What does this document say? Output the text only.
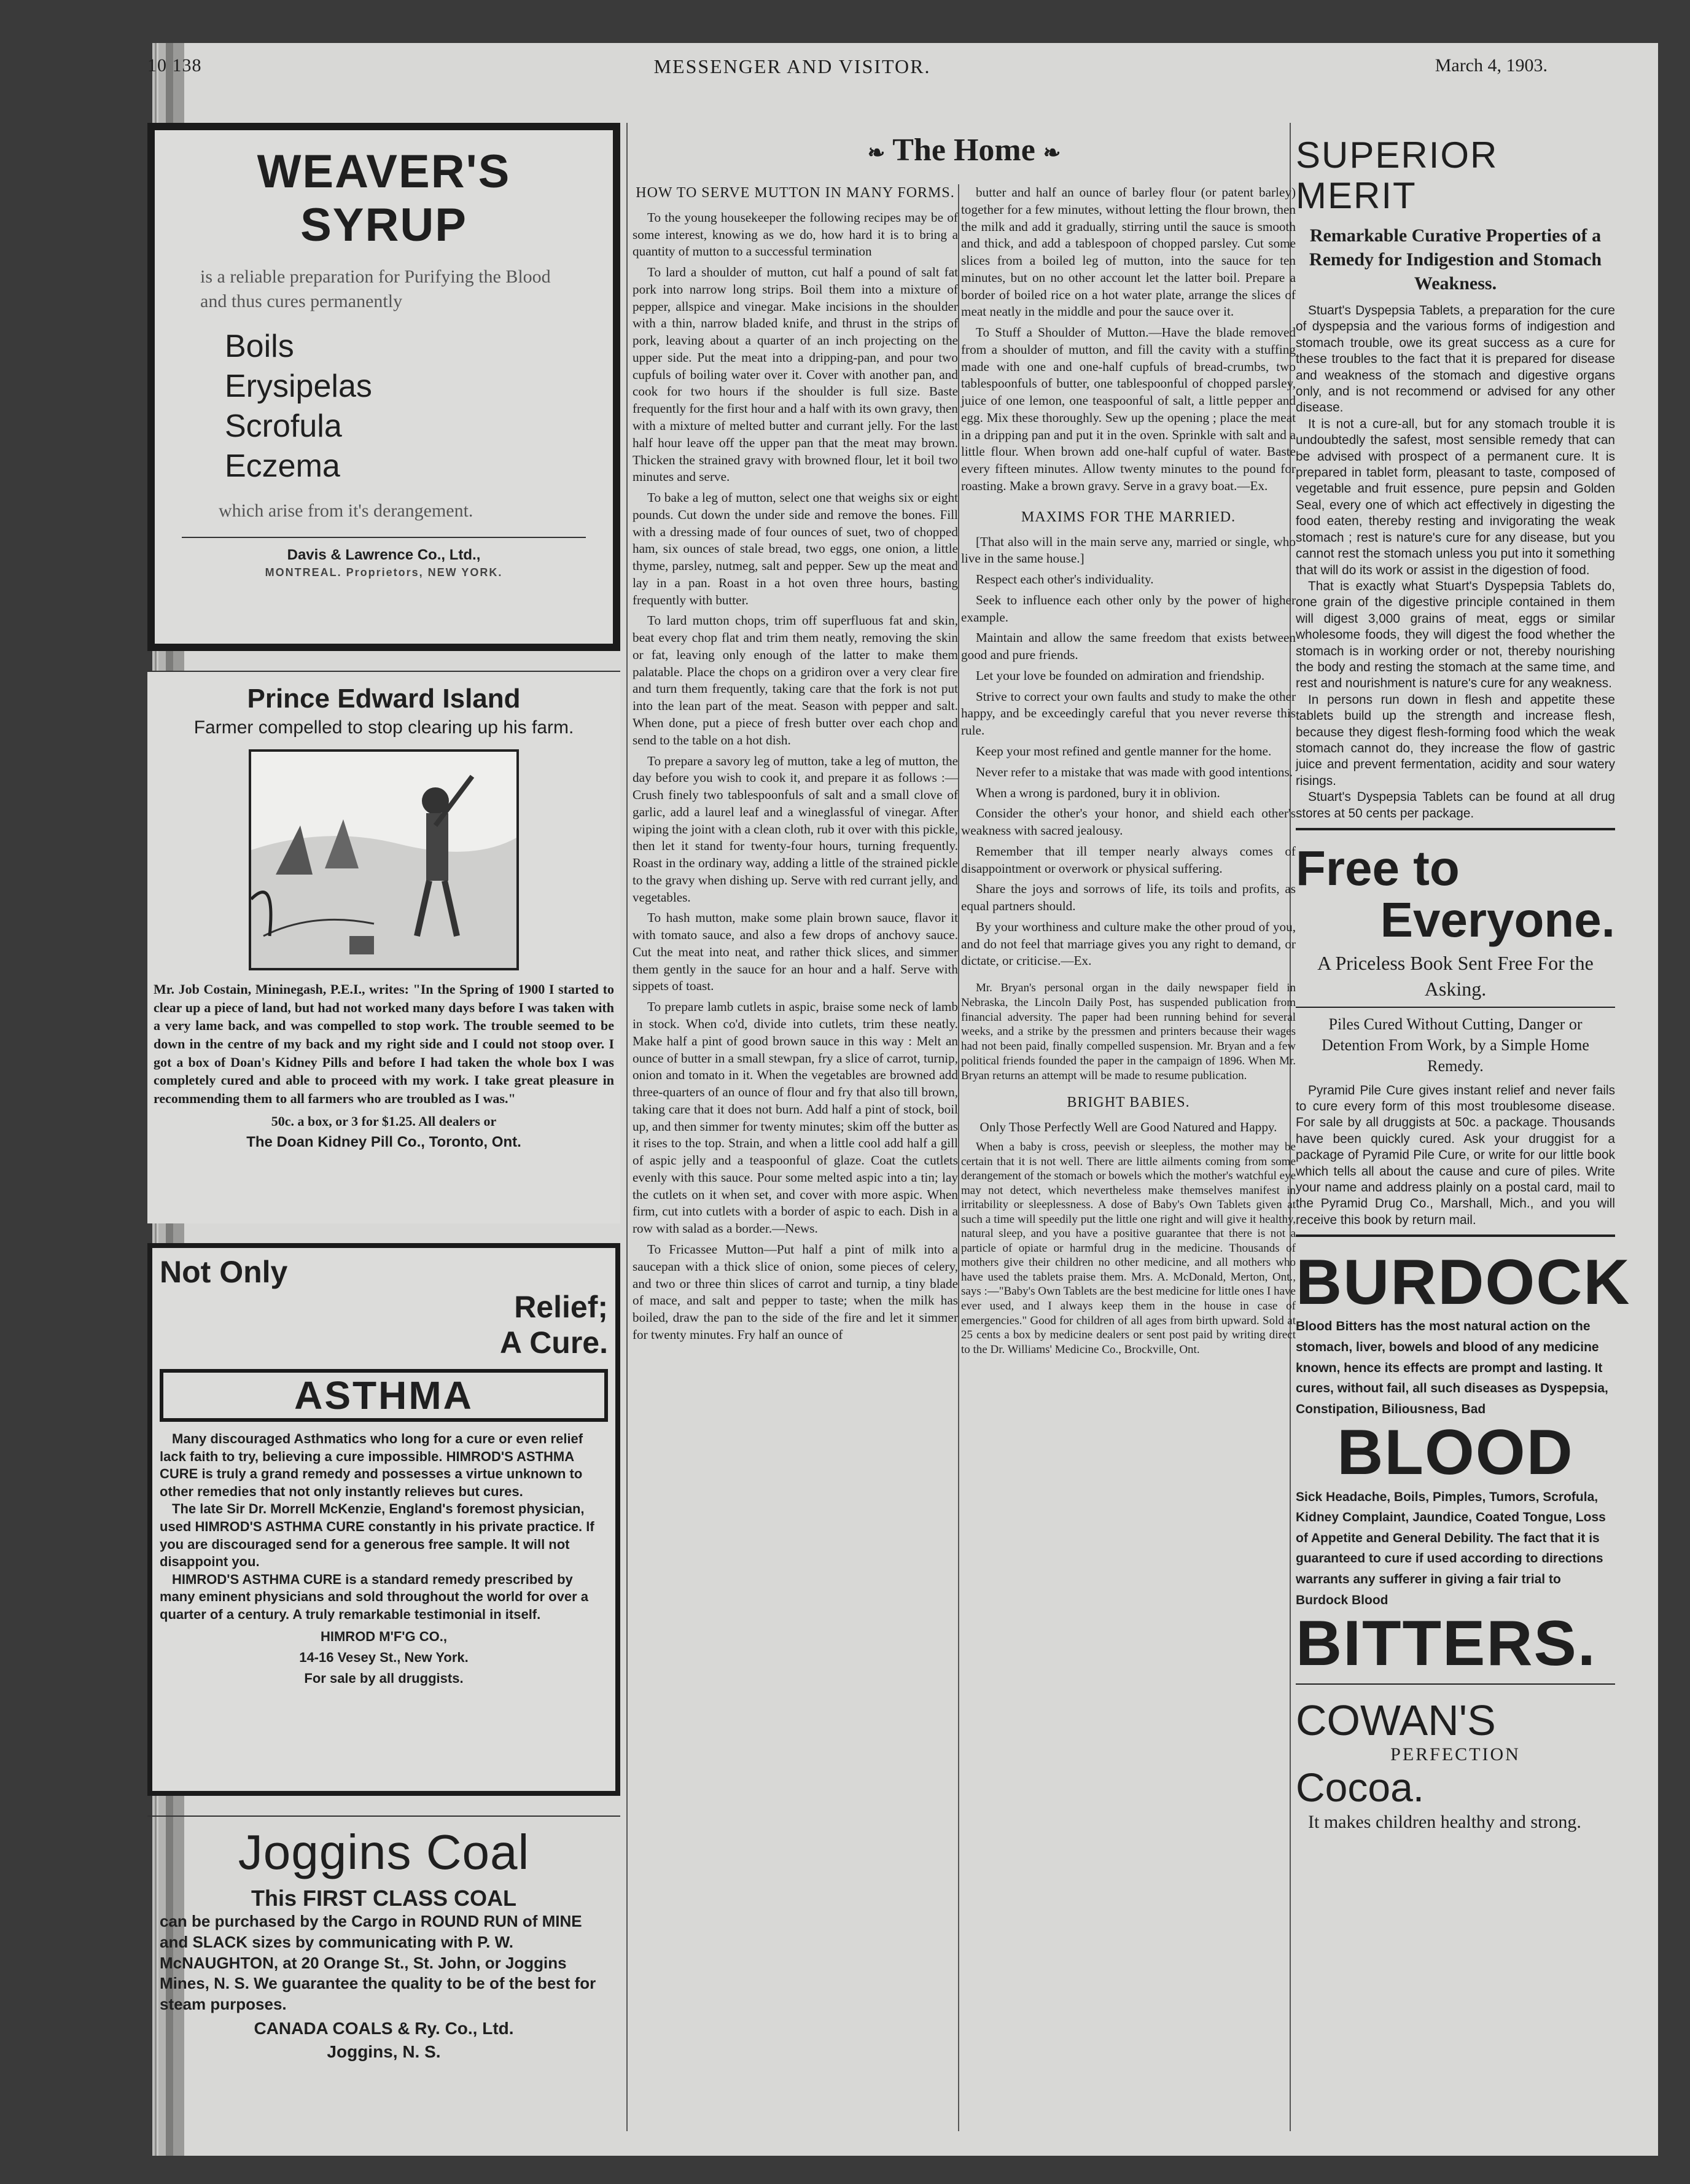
10 138	MESSENGER AND VISITOR.	March 4, 1903.
❧ The Home ❧
WEAVER'S
SYRUP
is a reliable preparation for Purifying the Blood and thus cures permanently
Boils
Erysipelas
Scrofula
Eczema
which arise from it's derangement.
Davis & Lawrence Co., Ltd.,
MONTREAL. Proprietors, NEW YORK.
Prince Edward Island
Farmer compelled to stop clearing up his farm.
Mr. Job Costain, Mininegash, P.E.I., writes: "In the Spring of 1900 I started to clear up a piece of land, but had not worked many days before I was taken with a very lame back, and was compelled to stop work. The trouble seemed to be down in the centre of my back and my right side and I could not stoop over. I got a box of Doan's Kidney Pills and before I had taken the whole box I was completely cured and able to proceed with my work. I take great pleasure in recommending them to all farmers who are troubled as I was."
50c. a box, or 3 for $1.25. All dealers or
The Doan Kidney Pill Co., Toronto, Ont.
Not Only
Relief;
A Cure.
ASTHMA

Many discouraged Asthmatics who long for a cure or even relief lack faith to try, believing a cure impossible. HIMROD'S ASTHMA CURE is truly a grand remedy and possesses a virtue unknown to other remedies that not only instantly relieves but cures.

The late Sir Dr. Morrell McKenzie, England's foremost physician, used HIMROD'S ASTHMA CURE constantly in his private practice. If you are discouraged send for a generous free sample. It will not disappoint you.

HIMROD'S ASTHMA CURE is a standard remedy prescribed by many eminent physicians and sold throughout the world for over a quarter of a century. A truly remarkable testimonial in itself.

HIMROD M'F'G CO.,
14-16 Vesey St., New York.
For sale by all druggists.
Joggins Coal
This FIRST CLASS COAL

can be purchased by the Cargo in ROUND RUN of MINE and SLACK sizes by communicating with P. W. McNAUGHTON, at 20 Orange St., St. John, or Joggins Mines, N. S. We guarantee the quality to be of the best for steam purposes.

CANADA COALS & Ry. Co., Ltd.
Joggins, N. S.
HOW TO SERVE MUTTON IN MANY FORMS.

To the young housekeeper the following recipes may be of some interest, knowing as we do, how hard it is to bring a quantity of mutton to a successful termination

To lard a shoulder of mutton, cut half a pound of salt fat pork into narrow long strips. Boil them into a mixture of pepper, allspice and vinegar. Make incisions in the shoulder with a thin, narrow bladed knife, and thrust in the strips of pork, leaving about a quarter of an inch projecting on the upper side. Put the meat into a dripping-pan, and pour two cupfuls of boiling water over it. Cover with another pan, and cook for two hours if the shoulder is full size. Baste frequently for the first hour and a half with its own gravy, then with a mixture of melted butter and currant jelly. For the last half hour leave off the upper pan that the meat may brown. Thicken the strained gravy with browned flour, let it boil two minutes and serve.

To bake a leg of mutton, select one that weighs six or eight pounds. Cut down the under side and remove the bones. Fill with a dressing made of four ounces of suet, two of chopped ham, six ounces of stale bread, two eggs, one onion, a little thyme, parsley, nutmeg, salt and pepper. Sew up the meat and lay in a pan. Roast in a hot oven three hours, basting frequently with butter.

To lard mutton chops, trim off superfluous fat and skin, beat every chop flat and trim them neatly, removing the skin or fat, leaving only enough of the latter to make them palatable. Place the chops on a gridiron over a very clear fire and turn them frequently, taking care that the fork is not put into the lean part of the meat. Season with pepper and salt. When done, put a piece of fresh butter over each chop and send to the table on a hot dish.

To prepare a savory leg of mutton, take a leg of mutton, the day before you wish to cook it, and prepare it as follows :— Crush finely two tablespoonfuls of salt and a small clove of garlic, add a laurel leaf and a wineglassful of vinegar. After wiping the joint with a clean cloth, rub it over with this pickle, then let it stand for twenty-four hours, turning frequently. Roast in the ordinary way, adding a little of the strained pickle to the gravy when dishing up. Serve with red currant jelly, and vegetables.

To hash mutton, make some plain brown sauce, flavor it with tomato sauce, and also a few drops of anchovy sauce. Cut the meat into neat, and rather thick slices, and simmer them gently in the sauce for an hour and a half. Serve with sippets of toast.

To prepare lamb cutlets in aspic, braise some neck of lamb in stock. When co'd, divide into cutlets, trim these neatly. Make half a pint of good brown sauce in this way : Melt an ounce of butter in a small stewpan, fry a slice of carrot, turnip, onion and tomato in it. When the vegetables are browned add three-quarters of an ounce of flour and fry that also till brown, taking care that it does not burn. Add half a pint of stock, boil up, and then simmer for twenty minutes; skim off the butter as it rises to the top. Strain, and when a little cool add half a gill of aspic jelly and a teaspoonful of glaze. Coat the cutlets evenly with this sauce. Pour some melted aspic into a tin; lay the cutlets on it when set, and cover with more aspic. When firm, cut into cutlets with a border of aspic to each. Dish in a row with salad as a border.—News.

To Fricassee Mutton—Put half a pint of milk into a saucepan with a thick slice of onion, some pieces of celery, and two or three thin slices of carrot and turnip, a tiny blade of mace, and salt and pepper to taste; when the milk has boiled, draw the pan to the side of the fire and let it simmer for twenty minutes. Fry half an ounce of

butter and half an ounce of barley flour (or patent barley) together for a few minutes, without letting the flour brown, then the milk and add it gradually, stirring until the sauce is smooth and thick, and add a tablespoon of chopped parsley. Cut some slices from a boiled leg of mutton, into the sauce for ten minutes, but on no other account let the latter boil. Prepare a border of boiled rice on a hot water plate, arrange the slices of meat neatly in the middle and pour the sauce over it.

To Stuff a Shoulder of Mutton.—Have the blade removed from a shoulder of mutton, and fill the cavity with a stuffing made with one and one-half cupfuls of bread-crumbs, two tablespoonfuls of butter, one tablespoonful of chopped parsley, juice of one lemon, one teaspoonful of salt, a little pepper and egg. Mix these thoroughly. Sew up the opening ; place the meat in a dripping pan and put it in the oven. Sprinkle with salt and a little flour. When brown add one-half cupful of water. Baste every fifteen minutes. Allow twenty minutes to the pound for roasting. Make a brown gravy. Serve in a gravy boat.—Ex.

MAXIMS FOR THE MARRIED.

[That also will in the main serve any, married or single, who live in the same house.]

Respect each other's individuality.

Seek to influence each other only by the power of higher example.

Maintain and allow the same freedom that exists between good and pure friends.

Let your love be founded on admiration and friendship.

Strive to correct your own faults and study to make the other happy, and be exceedingly careful that you never reverse this rule.

Keep your most refined and gentle manner for the home.

Never refer to a mistake that was made with good intentions.

When a wrong is pardoned, bury it in oblivion.

Consider the other's your honor, and shield each other's weakness with sacred jealousy.

Remember that ill temper nearly always comes of disappointment or overwork or physical suffering.

Share the joys and sorrows of life, its toils and profits, as equal partners should.

By your worthiness and culture make the other proud of you, and do not feel that marriage gives you any right to demand, or dictate, or criticise.—Ex.

Mr. Bryan's personal organ in the daily newspaper field in Nebraska, the Lincoln Daily Post, has suspended publication from financial adversity. The paper had been running behind for several weeks, and a strike by the pressmen and printers because their wages had not been paid, finally compelled suspension. Mr. Bryan and a few political friends founded the paper in the campaign of 1896. When Mr. Bryan returns an attempt will be made to resume publication.

BRIGHT BABIES.

Only Those Perfectly Well are Good Natured and Happy.

When a baby is cross, peevish or sleepless, the mother may be certain that it is not well. There are little ailments coming from some derangement of the stomach or bowels which the mother's watchful eye may not detect, which nevertheless make themselves manifest in irritability or sleeplessness. A dose of Baby's Own Tablets given at such a time will speedily put the little one right and will give it healthy, natural sleep, and you have a positive guarantee that there is not a particle of opiate or harmful drug in the medicine. Thousands of mothers give their children no other medicine, and all mothers who have used the tablets praise them. Mrs. A. McDonald, Merton, Ont., says :—"Baby's Own Tablets are the best medicine for little ones I have ever used, and I always keep them in the house in case of emergencies." Good for children of all ages from birth upward. Sold at 25 cents a box by medicine dealers or sent post paid by writing direct to the Dr. Williams' Medicine Co., Brockville, Ont.

SUPERIOR MERIT
Remarkable Curative Properties of a Remedy for Indigestion and Stomach Weakness.

Stuart's Dyspepsia Tablets, a preparation for the cure of dyspepsia and the various forms of indigestion and stomach trouble, owe its great success as a cure for these troubles to the fact that it is prepared for disease and weakness of the stomach and digestive organs only, and is not recommend or advised for any other disease.

It is not a cure-all, but for any stomach trouble it is undoubtedly the safest, most sensible remedy that can be advised with prospect of a permanent cure. It is prepared in tablet form, pleasant to taste, composed of vegetable and fruit essence, pure pepsin and Golden Seal, every one of which act effectively in digesting the food eaten, thereby resting and invigorating the weak stomach ; rest is nature's cure for any disease, but you cannot rest the stomach unless you put into it something that will do its work or assist in the digestion of food.

That is exactly what Stuart's Dyspepsia Tablets do, one grain of the digestive principle contained in them will digest 3,000 grains of meat, eggs or similar wholesome foods, they will digest the food whether the stomach is in working order or not, thereby nourishing the body and resting the stomach at the same time, and rest and nourishment is nature's cure for any weakness.

In persons run down in flesh and appetite these tablets build up the strength and increase flesh, because they digest flesh-forming food which the weak stomach cannot do, they increase the flow of gastric juice and prevent fermentation, acidity and sour watery risings.

Stuart's Dyspepsia Tablets can be found at all drug stores at 50 cents per package.

Free to
Everyone.
A Priceless Book Sent Free For the Asking.
Piles Cured Without Cutting, Danger or Detention From Work, by a Simple Home Remedy.

Pyramid Pile Cure gives instant relief and never fails to cure every form of this most troublesome disease. For sale by all druggists at 50c. a package. Thousands have been quickly cured. Ask your druggist for a package of Pyramid Pile Cure, or write for our little book which tells all about the cause and cure of piles. Write your name and address plainly on a postal card, mail to the Pyramid Drug Co., Marshall, Mich., and you will receive this book by return mail.

BURDOCK
Blood Bitters has the most natural action on the stomach, liver, bowels and blood of any medicine known, hence its effects are prompt and lasting. It cures, without fail, all such diseases as Dyspepsia, Constipation, Biliousness, Bad
BLOOD
Sick Headache, Boils, Pimples, Tumors, Scrofula, Kidney Complaint, Jaundice, Coated Tongue, Loss of Appetite and General Debility. The fact that it is guaranteed to cure if used according to directions warrants any sufferer in giving a fair trial to Burdock Blood
BITTERS.
COWAN'S
PERFECTION
Cocoa.
It makes children healthy and strong.
